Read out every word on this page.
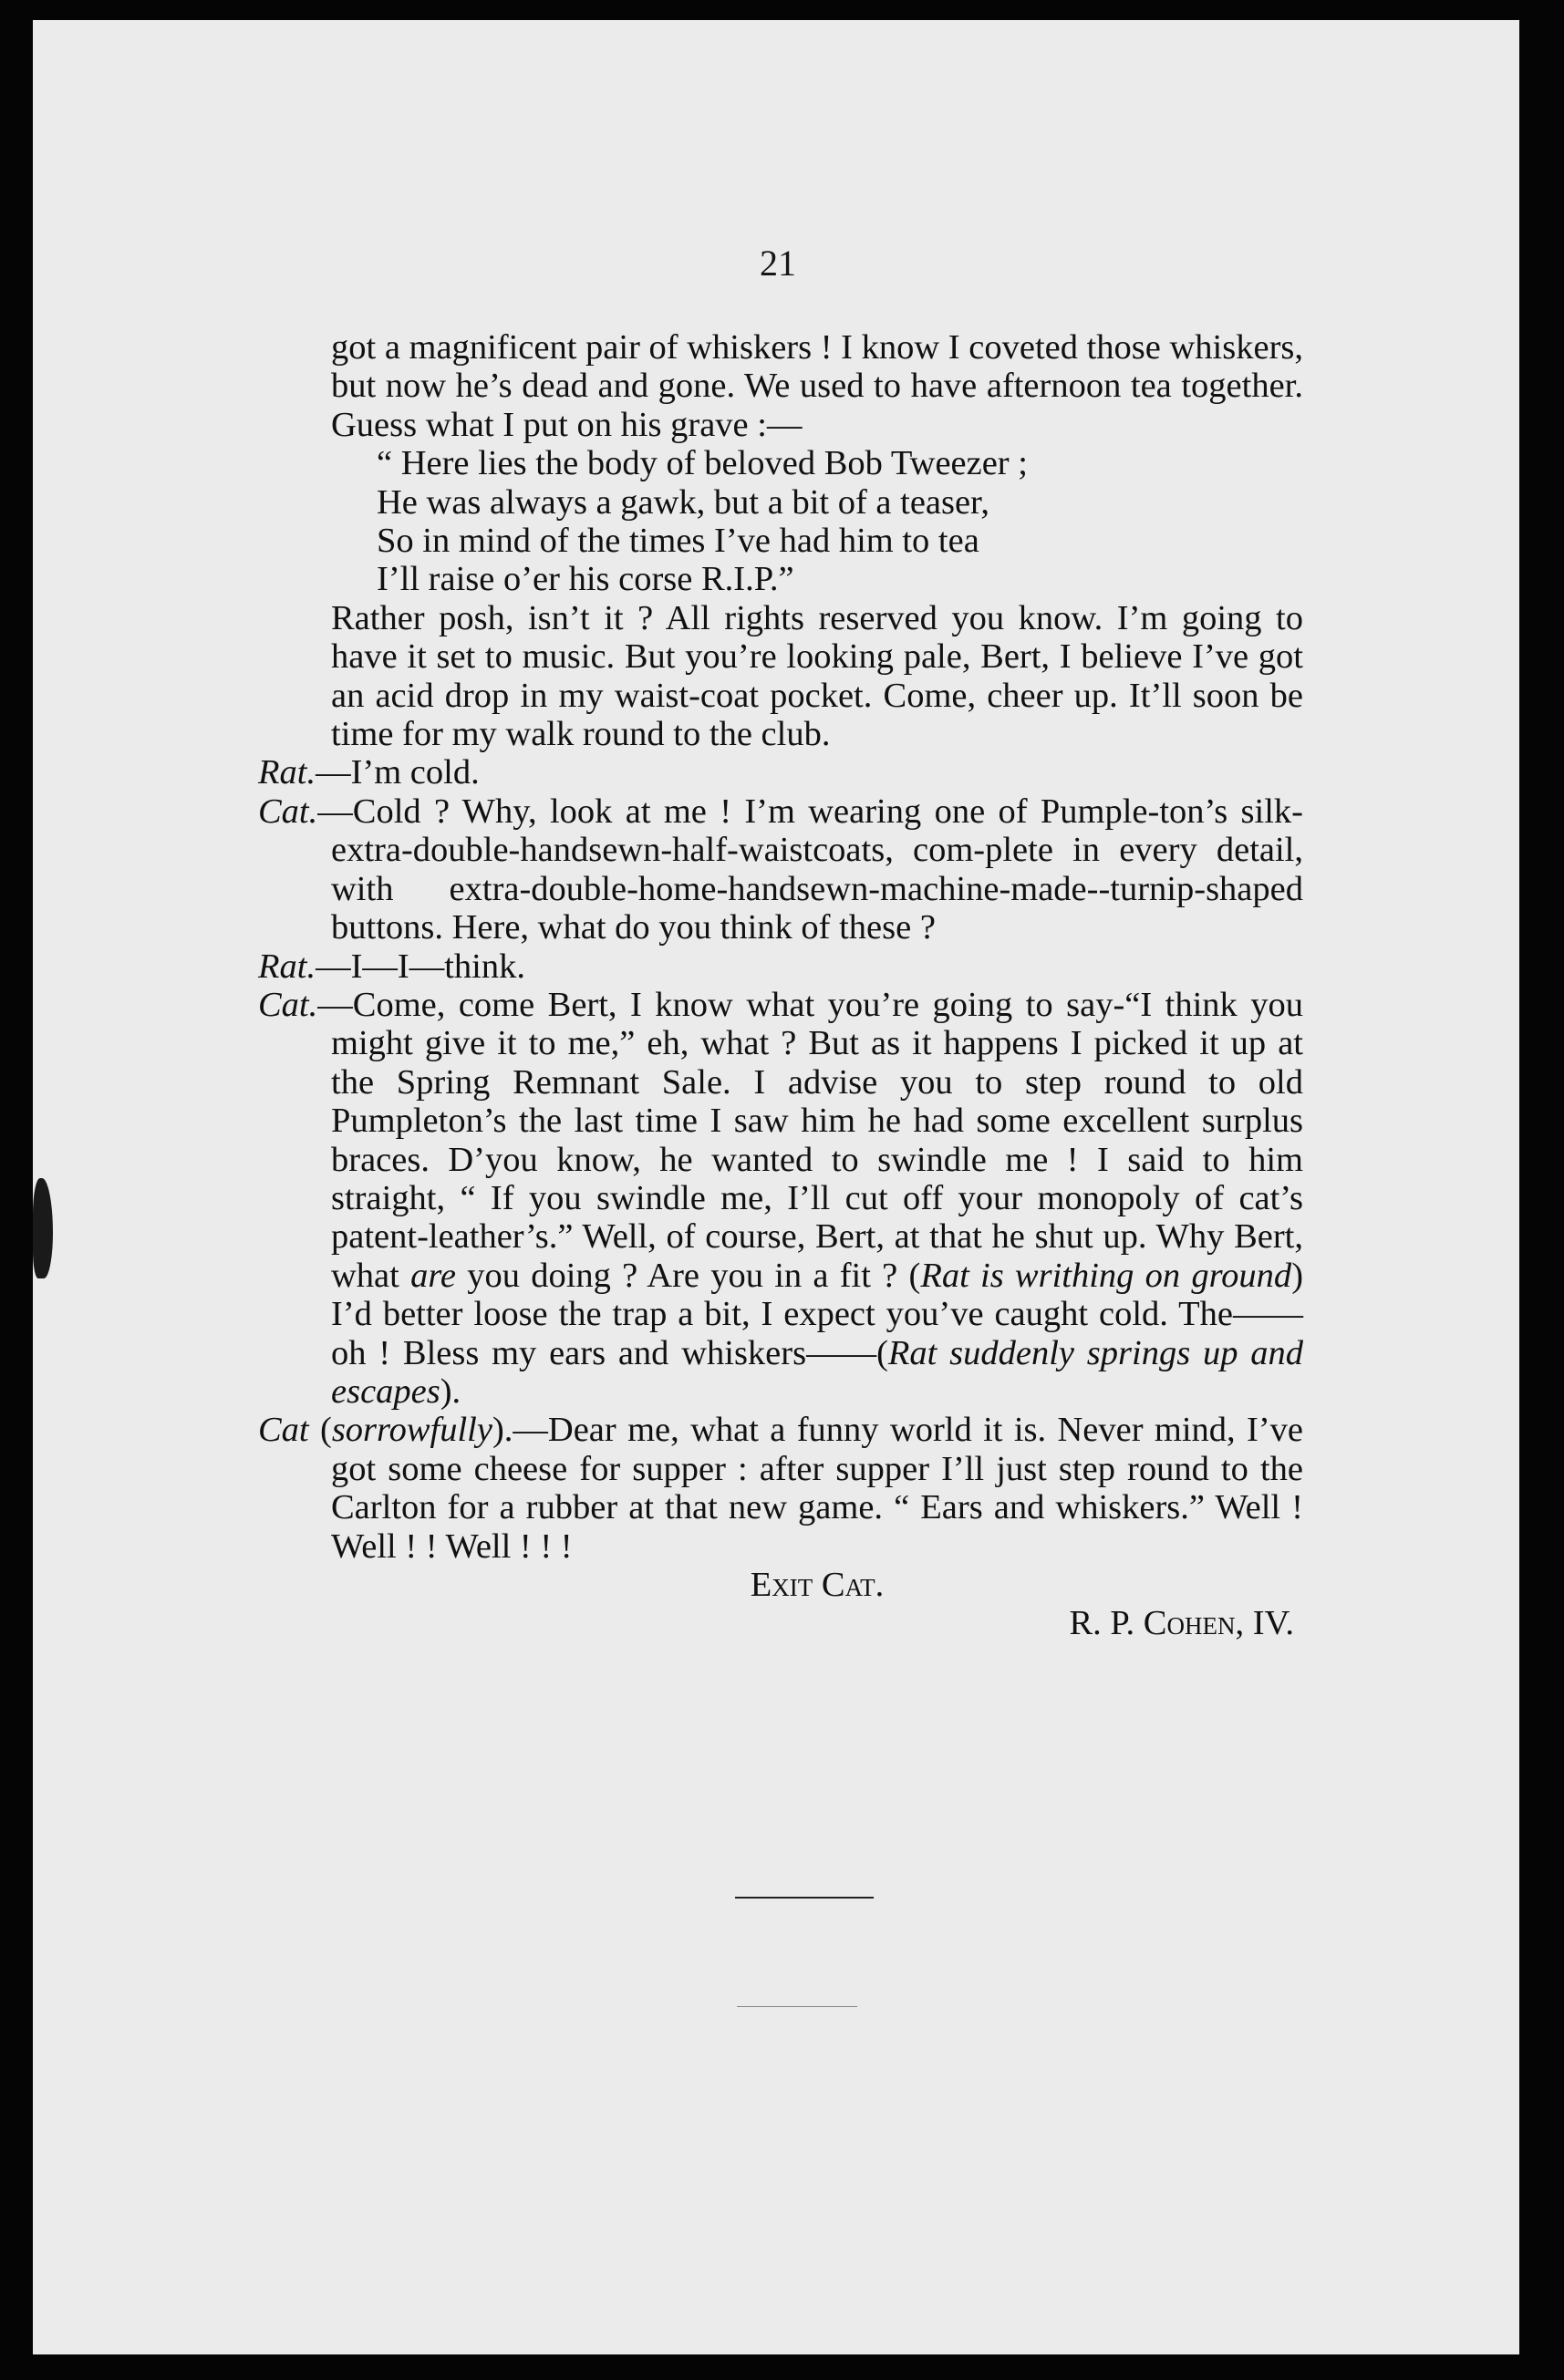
21
got a magnificent pair of whiskers ! I know I coveted those whiskers, but now he’s dead and gone. We used to have afternoon tea together. Guess what I put on his grave :—
“ Here lies the body of beloved Bob Tweezer ;
He was always a gawk, but a bit of a teaser,
So in mind of the times I’ve had him to tea
I’ll raise o’er his corse R.I.P.”
Rather posh, isn’t it ? All rights reserved you know. I’m going to have it set to music. But you’re looking pale, Bert, I believe I’ve got an acid drop in my waist-coat pocket. Come, cheer up. It’ll soon be time for my walk round to the club.
Rat.—I’m cold.
Cat.—Cold ? Why, look at me ! I’m wearing one of Pumple-ton’s silk-extra-double-handsewn-half-waistcoats, com-plete in every detail, with extra-double-home-handsewn-machine-made--turnip-shaped buttons. Here, what do you think of these ?
Rat.—I—I—think.
Cat.—Come, come Bert, I know what you’re going to say-“I think you might give it to me,” eh, what ? But as it happens I picked it up at the Spring Remnant Sale. I advise you to step round to old Pumpleton’s the last time I saw him he had some excellent surplus braces. D’you know, he wanted to swindle me ! I said to him straight, “ If you swindle me, I’ll cut off your monopoly of cat’s patent-leather’s.” Well, of course, Bert, at that he shut up. Why Bert, what are you doing ? Are you in a fit ? (Rat is writhing on ground) I’d better loose the trap a bit, I expect you’ve caught cold. The——oh ! Bless my ears and whiskers——(Rat suddenly springs up and escapes).
Cat (sorrowfully).—Dear me, what a funny world it is. Never mind, I’ve got some cheese for supper : after supper I’ll just step round to the Carlton for a rubber at that new game. “ Ears and whiskers.” Well ! Well ! ! Well ! ! !
Exit Cat.
R. P. Cohen, IV.
